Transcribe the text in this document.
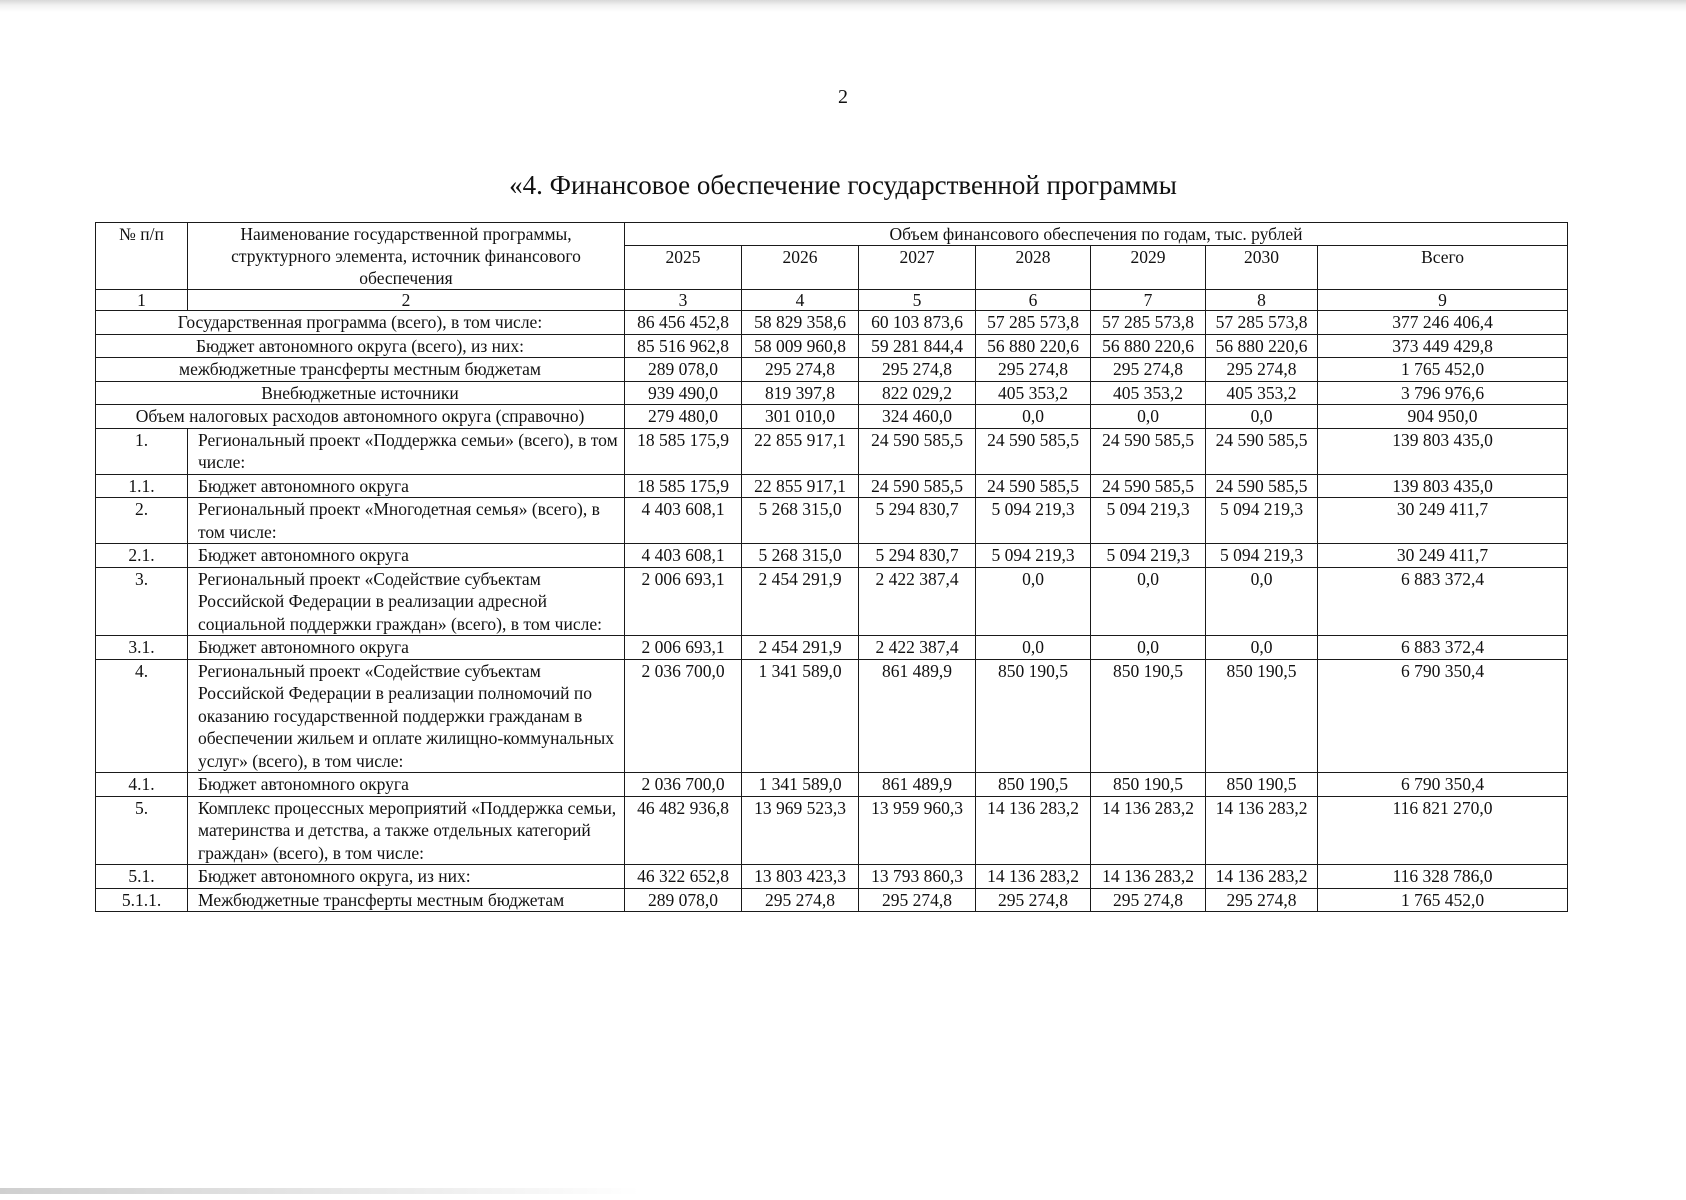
2
«4. Финансовое обеспечение государственной программы
№ п/п	Наименование государственной программы, структурного элемента, источник финансового обеспечения	Объем финансового обеспечения по годам, тыс. рублей						
		2025	2026	2027	2028	2029	2030	Всего
1	2	3	4	5	6	7	8	9
Государственная программа (всего), в том числе:		86 456 452,8	58 829 358,6	60 103 873,6	57 285 573,8	57 285 573,8	57 285 573,8	377 246 406,4
Бюджет автономного округа (всего), из них:		85 516 962,8	58 009 960,8	59 281 844,4	56 880 220,6	56 880 220,6	56 880 220,6	373 449 429,8
межбюджетные трансферты местным бюджетам		289 078,0	295 274,8	295 274,8	295 274,8	295 274,8	295 274,8	1 765 452,0
Внебюджетные источники		939 490,0	819 397,8	822 029,2	405 353,2	405 353,2	405 353,2	3 796 976,6
Объем налоговых расходов автономного округа (справочно)		279 480,0	301 010,0	324 460,0	0,0	0,0	0,0	904 950,0
1.	Региональный проект «Поддержка семьи» (всего), в том числе:	18 585 175,9	22 855 917,1	24 590 585,5	24 590 585,5	24 590 585,5	24 590 585,5	139 803 435,0
1.1.	Бюджет автономного округа	18 585 175,9	22 855 917,1	24 590 585,5	24 590 585,5	24 590 585,5	24 590 585,5	139 803 435,0
2.	Региональный проект «Многодетная семья» (всего), в том числе:	4 403 608,1	5 268 315,0	5 294 830,7	5 094 219,3	5 094 219,3	5 094 219,3	30 249 411,7
2.1.	Бюджет автономного округа	4 403 608,1	5 268 315,0	5 294 830,7	5 094 219,3	5 094 219,3	5 094 219,3	30 249 411,7
3.	Региональный проект «Содействие субъектам Российской Федерации в реализации адресной социальной поддержки граждан» (всего), в том числе:	2 006 693,1	2 454 291,9	2 422 387,4	0,0	0,0	0,0	6 883 372,4
3.1.	Бюджет автономного округа	2 006 693,1	2 454 291,9	2 422 387,4	0,0	0,0	0,0	6 883 372,4
4.	Региональный проект «Содействие субъектам Российской Федерации в реализации полномочий по оказанию государственной поддержки гражданам в обеспечении жильем и оплате жилищно-коммунальных услуг» (всего), в том числе:	2 036 700,0	1 341 589,0	861 489,9	850 190,5	850 190,5	850 190,5	6 790 350,4
4.1.	Бюджет автономного округа	2 036 700,0	1 341 589,0	861 489,9	850 190,5	850 190,5	850 190,5	6 790 350,4
5.	Комплекс процессных мероприятий «Поддержка семьи, материнства и детства, а также отдельных категорий граждан» (всего), в том числе:	46 482 936,8	13 969 523,3	13 959 960,3	14 136 283,2	14 136 283,2	14 136 283,2	116 821 270,0
5.1.	Бюджет автономного округа, из них:	46 322 652,8	13 803 423,3	13 793 860,3	14 136 283,2	14 136 283,2	14 136 283,2	116 328 786,0
5.1.1.	Межбюджетные трансферты местным бюджетам	289 078,0	295 274,8	295 274,8	295 274,8	295 274,8	295 274,8	1 765 452,0
